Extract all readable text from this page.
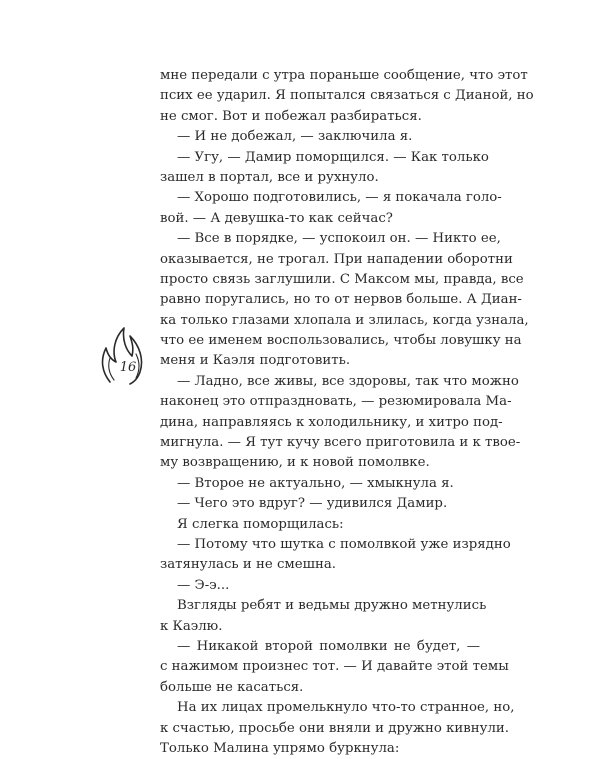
16
мне передали с утра пораньше сообщение, что этот
псих ее ударил. Я попытался связаться с Дианой, но
не смог. Вот и побежал разбираться.
— И не добежал, — заключила я.
— Угу, — Дамир поморщился. — Как только
зашел в портал, все и рухнуло.
— Хорошо подготовились, — я покачала голо-
вой. — А девушка-то как сейчас?
— Все в порядке, — успокоил он. — Никто ее,
оказывается, не трогал. При нападении оборотни
просто связь заглушили. С Максом мы, правда, все
равно поругались, но то от нервов больше. А Диан-
ка только глазами хлопала и злилась, когда узнала,
что ее именем воспользовались, чтобы ловушку на
меня и Каэля подготовить.
— Ладно, все живы, все здоровы, так что можно
наконец это отпраздновать, — резюмировала Ма-
дина, направляясь к холодильнику, и хитро под-
мигнула. — Я тут кучу всего приготовила и к твое-
му возвращению, и к новой помолвке.
— Второе не актуально, — хмыкнула я.
— Чего это вдруг? — удивился Дамир.
Я слегка поморщилась:
— Потому что шутка с помолвкой уже изрядно
затянулась и не смешна.
— Э-э...
Взгляды ребят и ведьмы дружно метнулись
к Каэлю.
— Никакой второй помолвки не будет, —
с нажимом произнес тот. — И давайте этой темы
больше не касаться.
На их лицах промелькнуло что-то странное, но,
к счастью, просьбе они вняли и дружно кивнули.
Только Малина упрямо буркнула:
